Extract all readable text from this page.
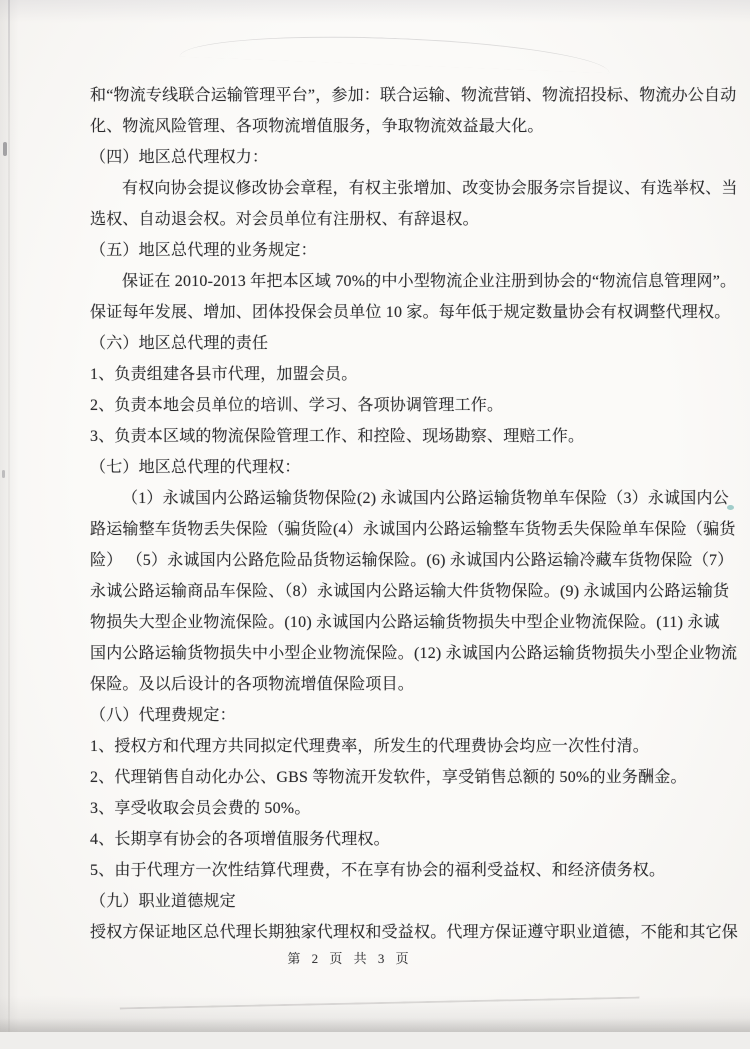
和“物流专线联合运输管理平台”，参加：联合运输、物流营销、物流招投标、物流办公自动
化、物流风险管理、各项物流增值服务，争取物流效益最大化。
（四）地区总代理权力：
有权向协会提议修改协会章程，有权主张增加、改变协会服务宗旨提议、有选举权、当
选权、自动退会权。对会员单位有注册权、有辞退权。
（五）地区总代理的业务规定：
保证在 2010-2013 年把本区域 70%的中小型物流企业注册到协会的“物流信息管理网”。
保证每年发展、增加、团体投保会员单位 10 家。每年低于规定数量协会有权调整代理权。
（六）地区总代理的责任
1、负责组建各县市代理，加盟会员。
2、负责本地会员单位的培训、学习、各项协调管理工作。
3、负责本区域的物流保险管理工作、和控险、现场勘察、理赔工作。
（七）地区总代理的代理权：
（1）永诚国内公路运输货物保险(2) 永诚国内公路运输货物单车保险（3）永诚国内公
路运输整车货物丢失保险（骗货险(4）永诚国内公路运输整车货物丢失保险单车保险（骗货
险） （5）永诚国内公路危险品货物运输保险。(6) 永诚国内公路运输冷藏车货物保险（7）
永诚公路运输商品车保险、（8）永诚国内公路运输大件货物保险。(9) 永诚国内公路运输货
物损失大型企业物流保险。(10) 永诚国内公路运输货物损失中型企业物流保险。(11) 永诚
国内公路运输货物损失中小型企业物流保险。(12) 永诚国内公路运输货物损失小型企业物流
保险。及以后设计的各项物流增值保险项目。
（八）代理费规定：
1、授权方和代理方共同拟定代理费率，所发生的代理费协会均应一次性付清。
2、代理销售自动化办公、GBS 等物流开发软件，享受销售总额的 50%的业务酬金。
3、享受收取会员会费的 50%。
4、长期享有协会的各项增值服务代理权。
5、由于代理方一次性结算代理费，不在享有协会的福利受益权、和经济债务权。
（九）职业道德规定
授权方保证地区总代理长期独家代理权和受益权。代理方保证遵守职业道德，不能和其它保
第 2 页 共 3 页
